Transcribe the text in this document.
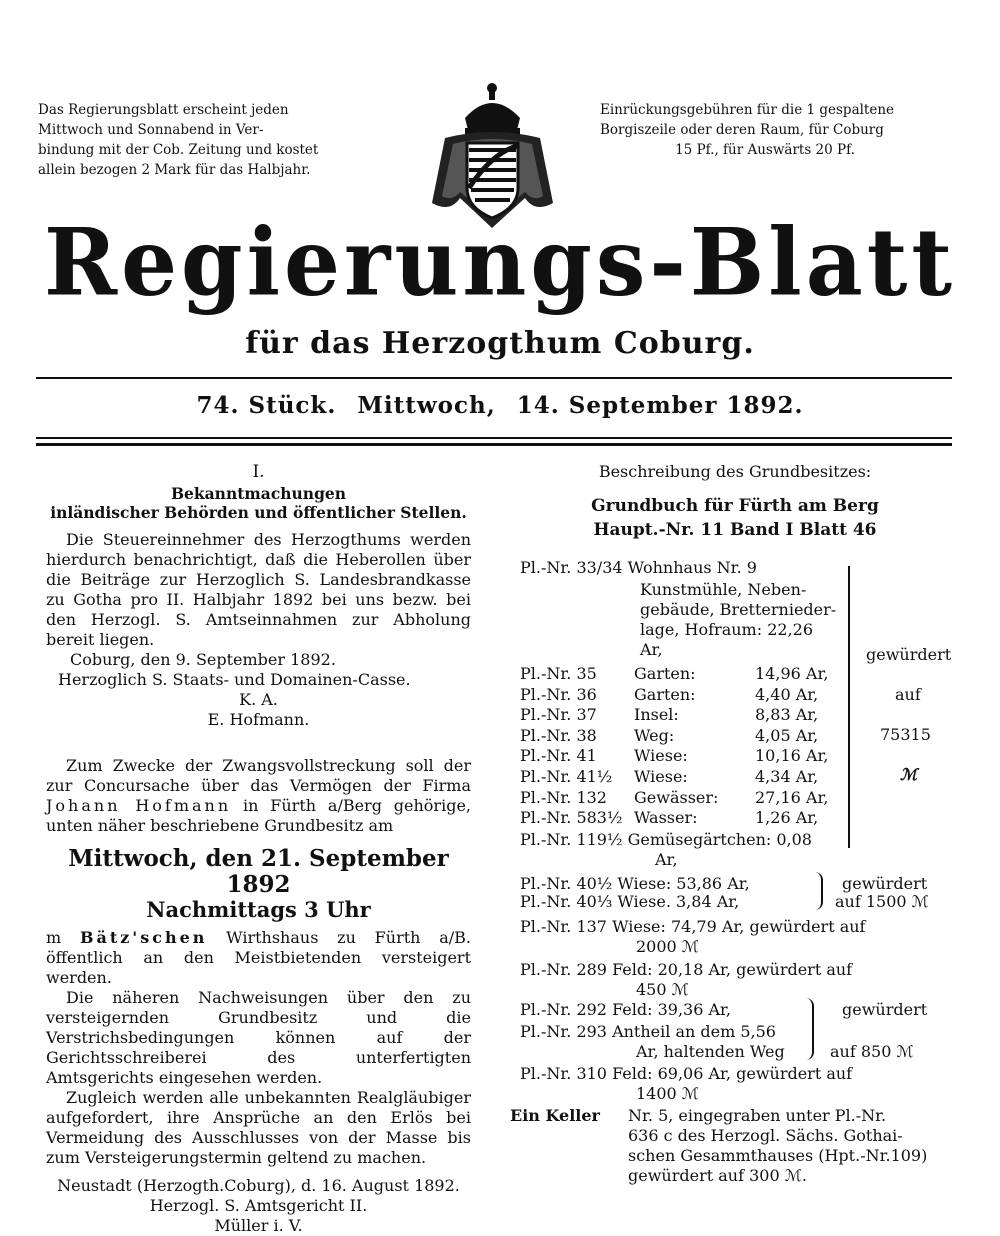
Das Regierungsblatt erscheint jeden
Mittwoch und Sonnabend in Ver-
bindung mit der Cob. Zeitung und kostet
allein bezogen 2 Mark für das Halbjahr.
Einrückungsgebühren für die 1 gespaltene
Borgiszeile oder deren Raum, für Coburg
15 Pf., für Auswärts 20 Pf.
Regierungs-Blatt
für das Herzogthum Coburg.
74. Stück. Mittwoch, 14. September 1892.
I.
Bekanntmachungen
inländischer Behörden und öffentlicher Stellen.

Die Steuereinnehmer des Herzogthums werden hierdurch benachrichtigt, daß die Heberollen über die Beiträge zur Herzoglich S. Landesbrandkasse zu Gotha pro II. Halbjahr 1892 bei uns bezw. bei den Herzogl. S. Amtseinnahmen zur Abholung bereit liegen.

Coburg, den 9. September 1892.
Herzoglich S. Staats- und Domainen-Casse.
K. A.
E. Hofmann.

Zum Zwecke der Zwangsvollstreckung soll der zur Concursache über das Vermögen der Firma Johann Hofmann in Fürth a/Berg gehörige, unten näher beschriebene Grundbesitz am

Mittwoch, den 21. September 1892
Nachmittags 3 Uhr

m Bätz'schen Wirthshaus zu Fürth a/B. öffentlich an den Meistbietenden versteigert werden.

Die näheren Nachweisungen über den zu versteigernden Grundbesitz und die Verstrichsbedingungen können auf der Gerichtsschreiberei des unterfertigten Amtsgerichts eingesehen werden.

Zugleich werden alle unbekannten Realgläubiger aufgefordert, ihre Ansprüche an den Erlös bei Vermeidung des Ausschlusses von der Masse bis zum Versteigerungstermin geltend zu machen.

Neustadt (Herzogth.Coburg), d. 16. August 1892.
Herzogl. S. Amtsgericht II.
Müller i. V.
Beschreibung des Grundbesitzes:
Grundbuch für Fürth am Berg
Haupt.-Nr. 11 Band I Blatt 46
Pl.-Nr. 33/34 Wohnhaus Nr. 9
Kunstmühle, Neben-
gebäude, Bretternieder-
lage, Hofraum: 22,26
Ar,
Pl.-Nr. 35 Garten:	14,96 Ar,
Pl.-Nr. 36 Garten:	4,40 Ar,
Pl.-Nr. 37 Insel:	8,83 Ar,
Pl.-Nr. 38 Weg:	4,05 Ar,
Pl.-Nr. 41 Wiese:	10,16 Ar,
Pl.-Nr. 41½ Wiese:	4,34 Ar,
Pl.-Nr. 132 Gewässer: 27,16 Ar,
Pl.-Nr. 583½ Wasser:	1,26 Ar,
Pl.-Nr. 119½ Gemüsegärtchen: 0,08
Ar,
gewürdert
auf
75315
ℳ
Pl.-Nr. 40½ Wiese: 53,86 Ar,
Pl.-Nr. 40⅓ Wiese. 3,84 Ar,
gewürdert
auf 1500 ℳ
Pl.-Nr. 137 Wiese: 74,79 Ar, gewürdert auf
2000 ℳ
Pl.-Nr. 289 Feld: 20,18 Ar, gewürdert auf
450 ℳ
Pl.-Nr. 292 Feld: 39,36 Ar,
Pl.-Nr. 293 Antheil an dem 5,56
Ar, haltenden Weg
gewürdert
auf 850 ℳ
Pl.-Nr. 310 Feld: 69,06 Ar, gewürdert auf
1400 ℳ
Ein Keller Nr. 5, eingegraben unter Pl.-Nr.
636 c des Herzogl. Sächs. Gothai-
schen Gesammthauses (Hpt.-Nr.109)
gewürdert auf 300 ℳ.
